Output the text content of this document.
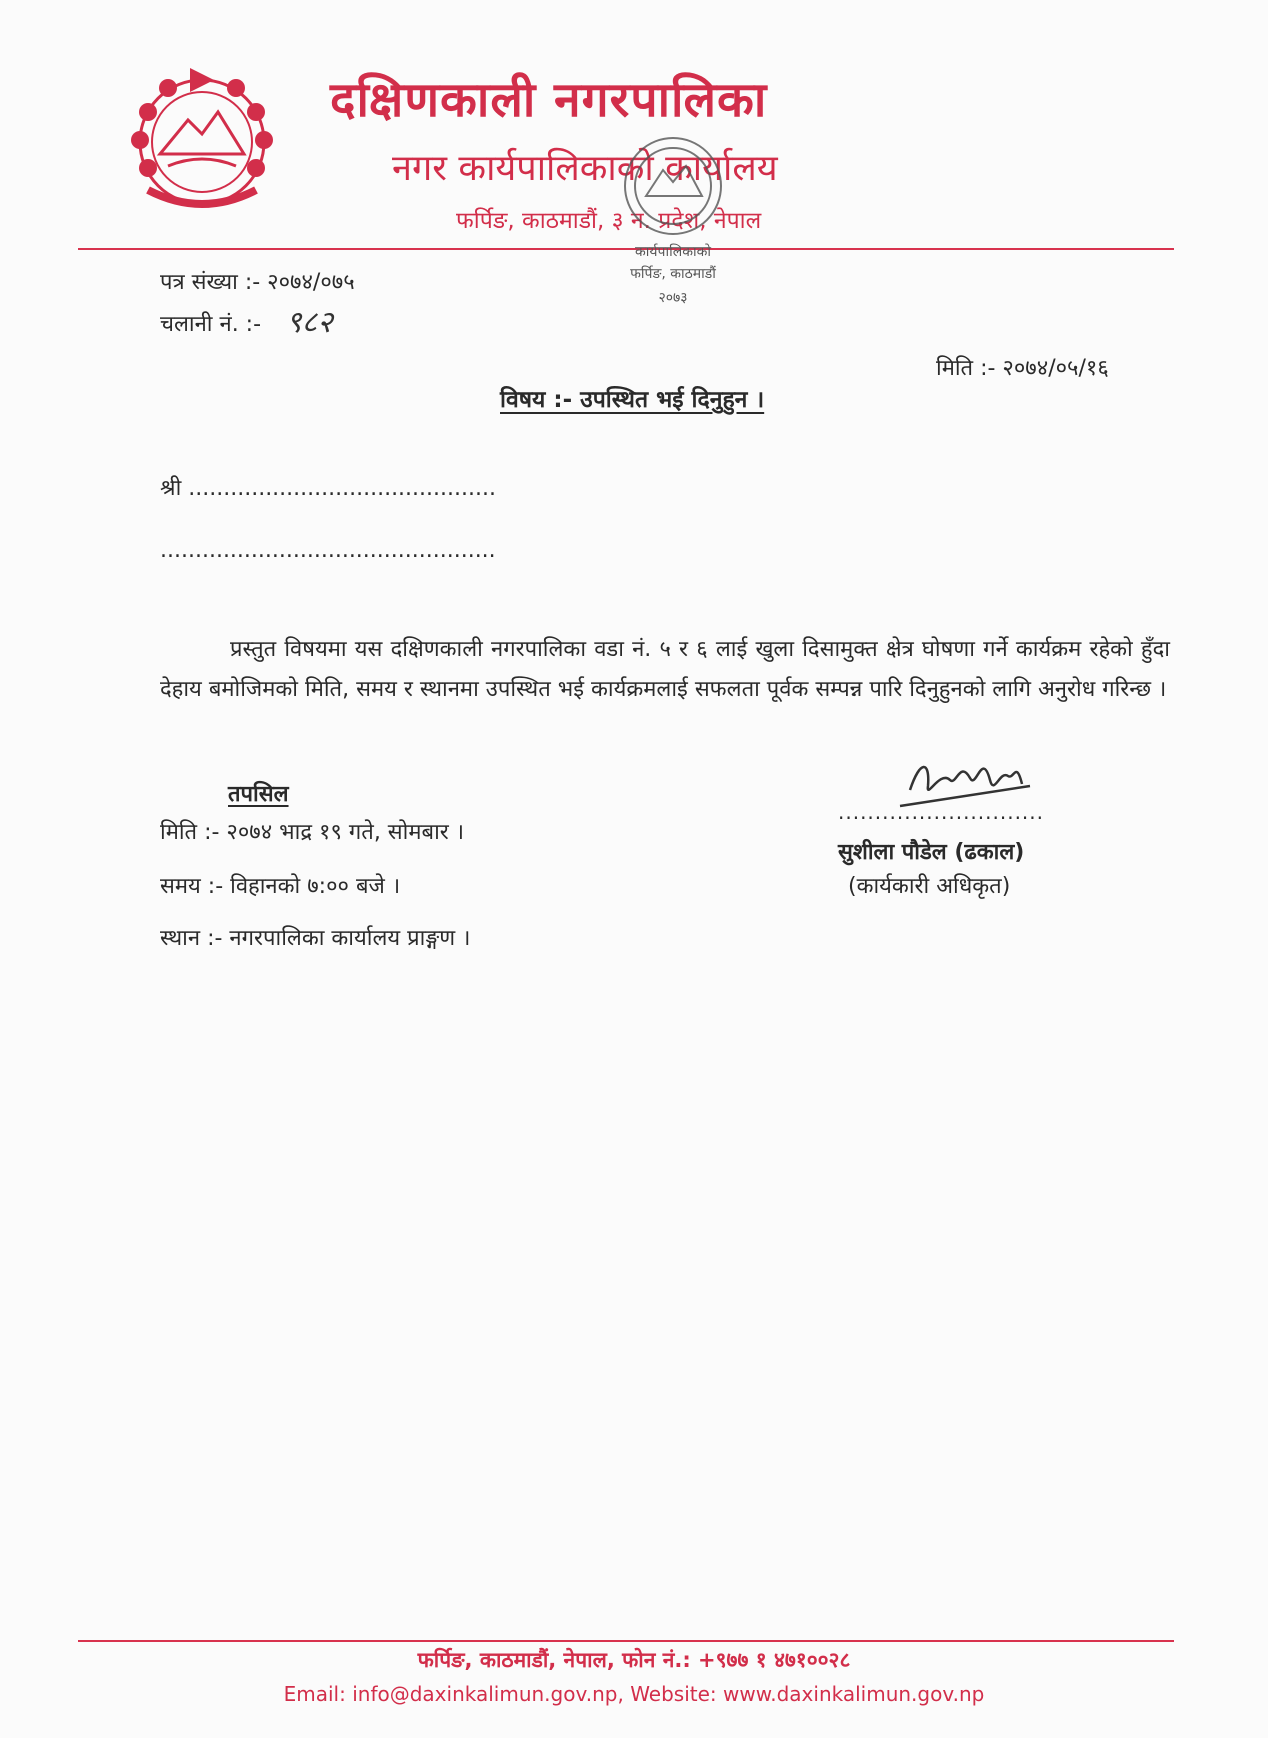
दक्षिणकाली नगरपालिका
नगर कार्यपालिकाको कार्यालय
फर्पिङ, काठमाडौं, ३ न. प्रदेश, नेपाल
कार्यपालिकाको
फर्पिङ, काठमाडौं
२०७३
पत्र संख्या :- २०७४/०७५
चलानी नं. :- ९८२
मिति :- २०७४/०५/१६
विषय :- उपस्थित भई दिनुहुन ।
श्री ............................................
................................................
प्रस्तुत विषयमा यस दक्षिणकाली नगरपालिका वडा नं. ५ र ६ लाई खुला दिसामुक्त क्षेत्र घोषणा गर्ने कार्यक्रम रहेको हुँदा देहाय बमोजिमको मिति, समय र स्थानमा उपस्थित भई कार्यक्रमलाई सफलता पूर्वक सम्पन्न पारि दिनुहुनको लागि अनुरोध गरिन्छ ।
तपसिल
मिति :- २०७४ भाद्र १९ गते, सोमबार ।
समय :- विहानको ७:०० बजे ।
स्थान :- नगरपालिका कार्यालय प्राङ्गण ।
............................
सुशीला पौडेल (ढकाल)
(कार्यकारी अधिकृत)
फर्पिङ, काठमाडौं, नेपाल, फोन नं.: +९७७ १ ४७१००२८
Email: info@daxinkalimun.gov.np, Website: www.daxinkalimun.gov.np
